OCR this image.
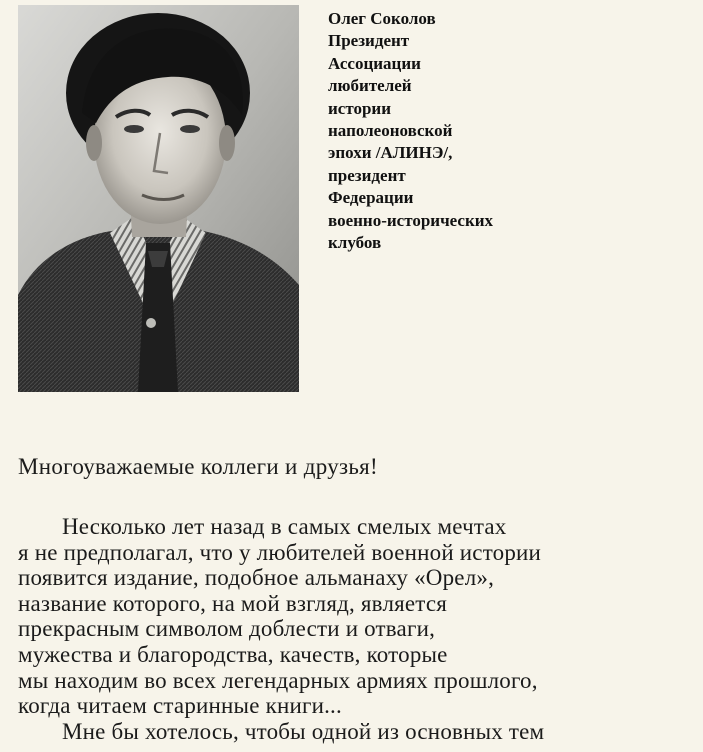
Олег Соколов
Президент
Ассоциации
любителей
истории
наполеоновской
эпохи /АЛИНЭ/,
президент
Федерации
военно-исторических
клубов
Многоуважаемые коллеги и друзья!
Несколько лет назад в самых смелых мечтах
я не предполагал, что у любителей военной истории
появится издание, подобное альманаху «Орел»,
название которого, на мой взгляд, является
прекрасным символом доблести и отваги,
мужества и благородства, качеств, которые
мы находим во всех легендарных армиях прошлого,
когда читаем старинные книги...
Мне бы хотелось, чтобы одной из основных тем
